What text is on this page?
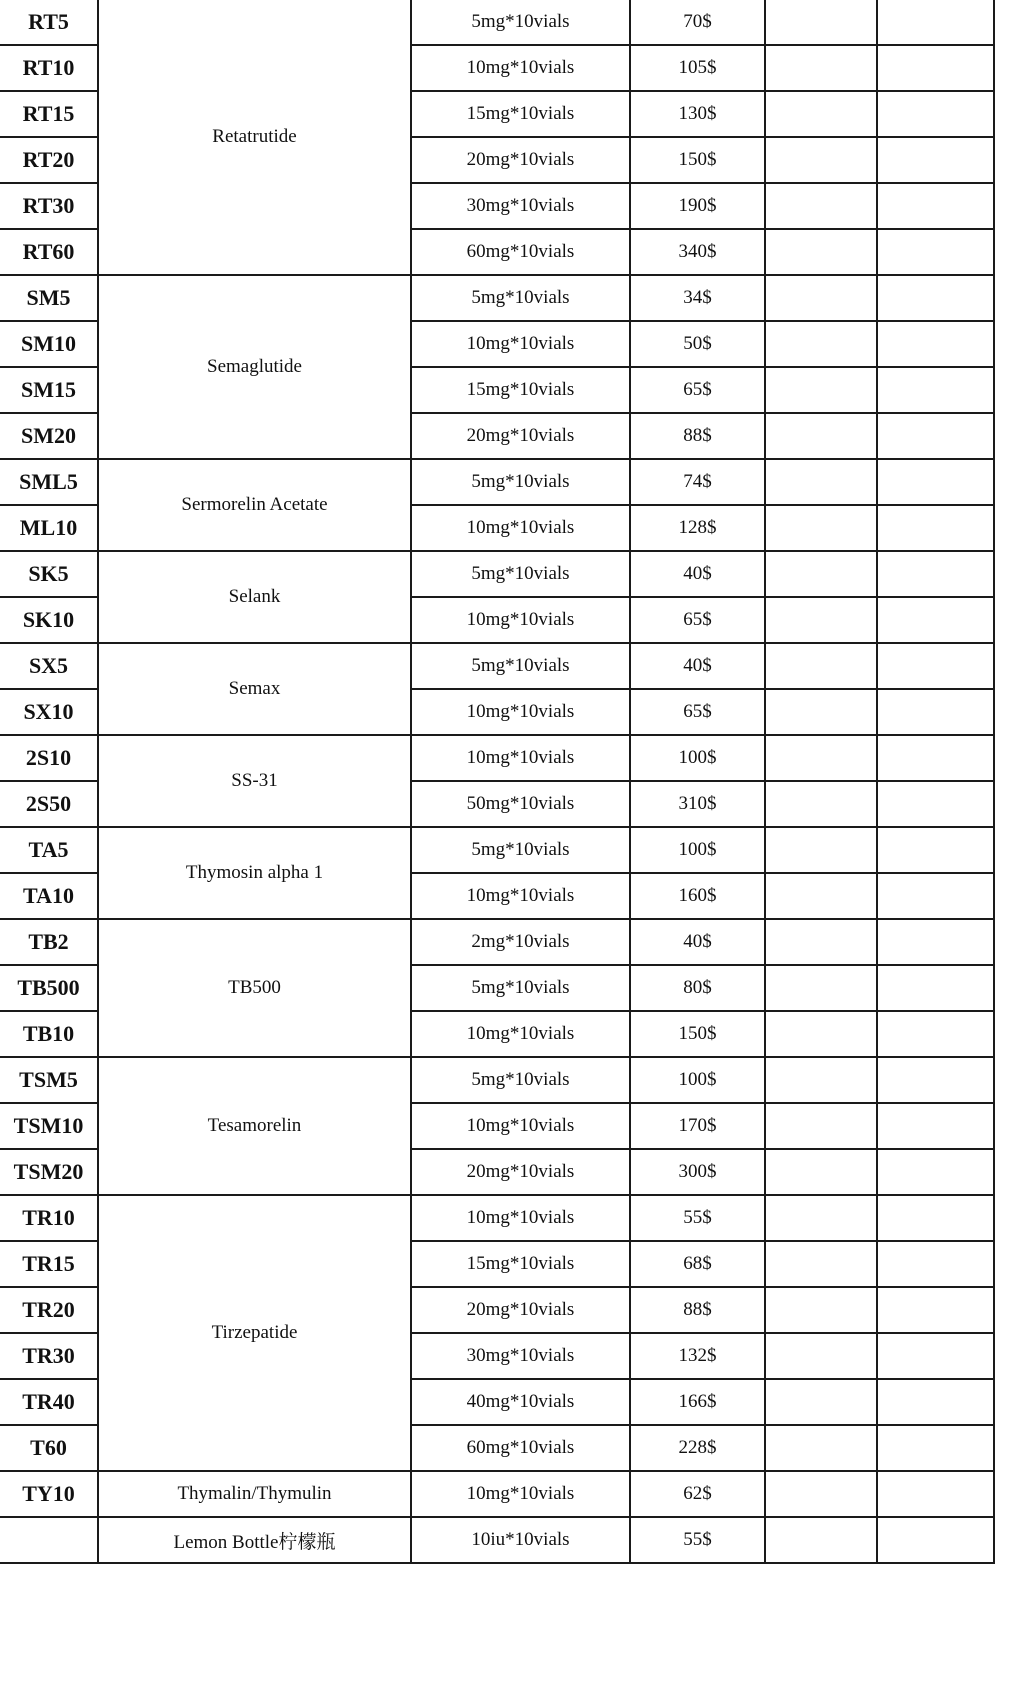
RT5	Retatrutide	5mg*10vials	70$		
RT10		10mg*10vials	105$		
RT15		15mg*10vials	130$		
RT20		20mg*10vials	150$		
RT30		30mg*10vials	190$		
RT60		60mg*10vials	340$		
SM5	Semaglutide	5mg*10vials	34$		
SM10		10mg*10vials	50$		
SM15		15mg*10vials	65$		
SM20		20mg*10vials	88$		
SML5	Sermorelin Acetate	5mg*10vials	74$		
ML10		10mg*10vials	128$		
SK5	Selank	5mg*10vials	40$		
SK10		10mg*10vials	65$		
SX5	Semax	5mg*10vials	40$		
SX10		10mg*10vials	65$		
2S10	SS-31	10mg*10vials	100$		
2S50		50mg*10vials	310$		
TA5	Thymosin alpha 1	5mg*10vials	100$		
TA10		10mg*10vials	160$		
TB2	TB500	2mg*10vials	40$		
TB500		5mg*10vials	80$		
TB10		10mg*10vials	150$		
TSM5	Tesamorelin	5mg*10vials	100$		
TSM10		10mg*10vials	170$		
TSM20		20mg*10vials	300$		
TR10	Tirzepatide	10mg*10vials	55$		
TR15		15mg*10vials	68$		
TR20		20mg*10vials	88$		
TR30		30mg*10vials	132$		
TR40		40mg*10vials	166$		
T60		60mg*10vials	228$		
TY10	Thymalin/Thymulin	10mg*10vials	62$		
	Lemon Bottle柠檬瓶	10iu*10vials	55$		
